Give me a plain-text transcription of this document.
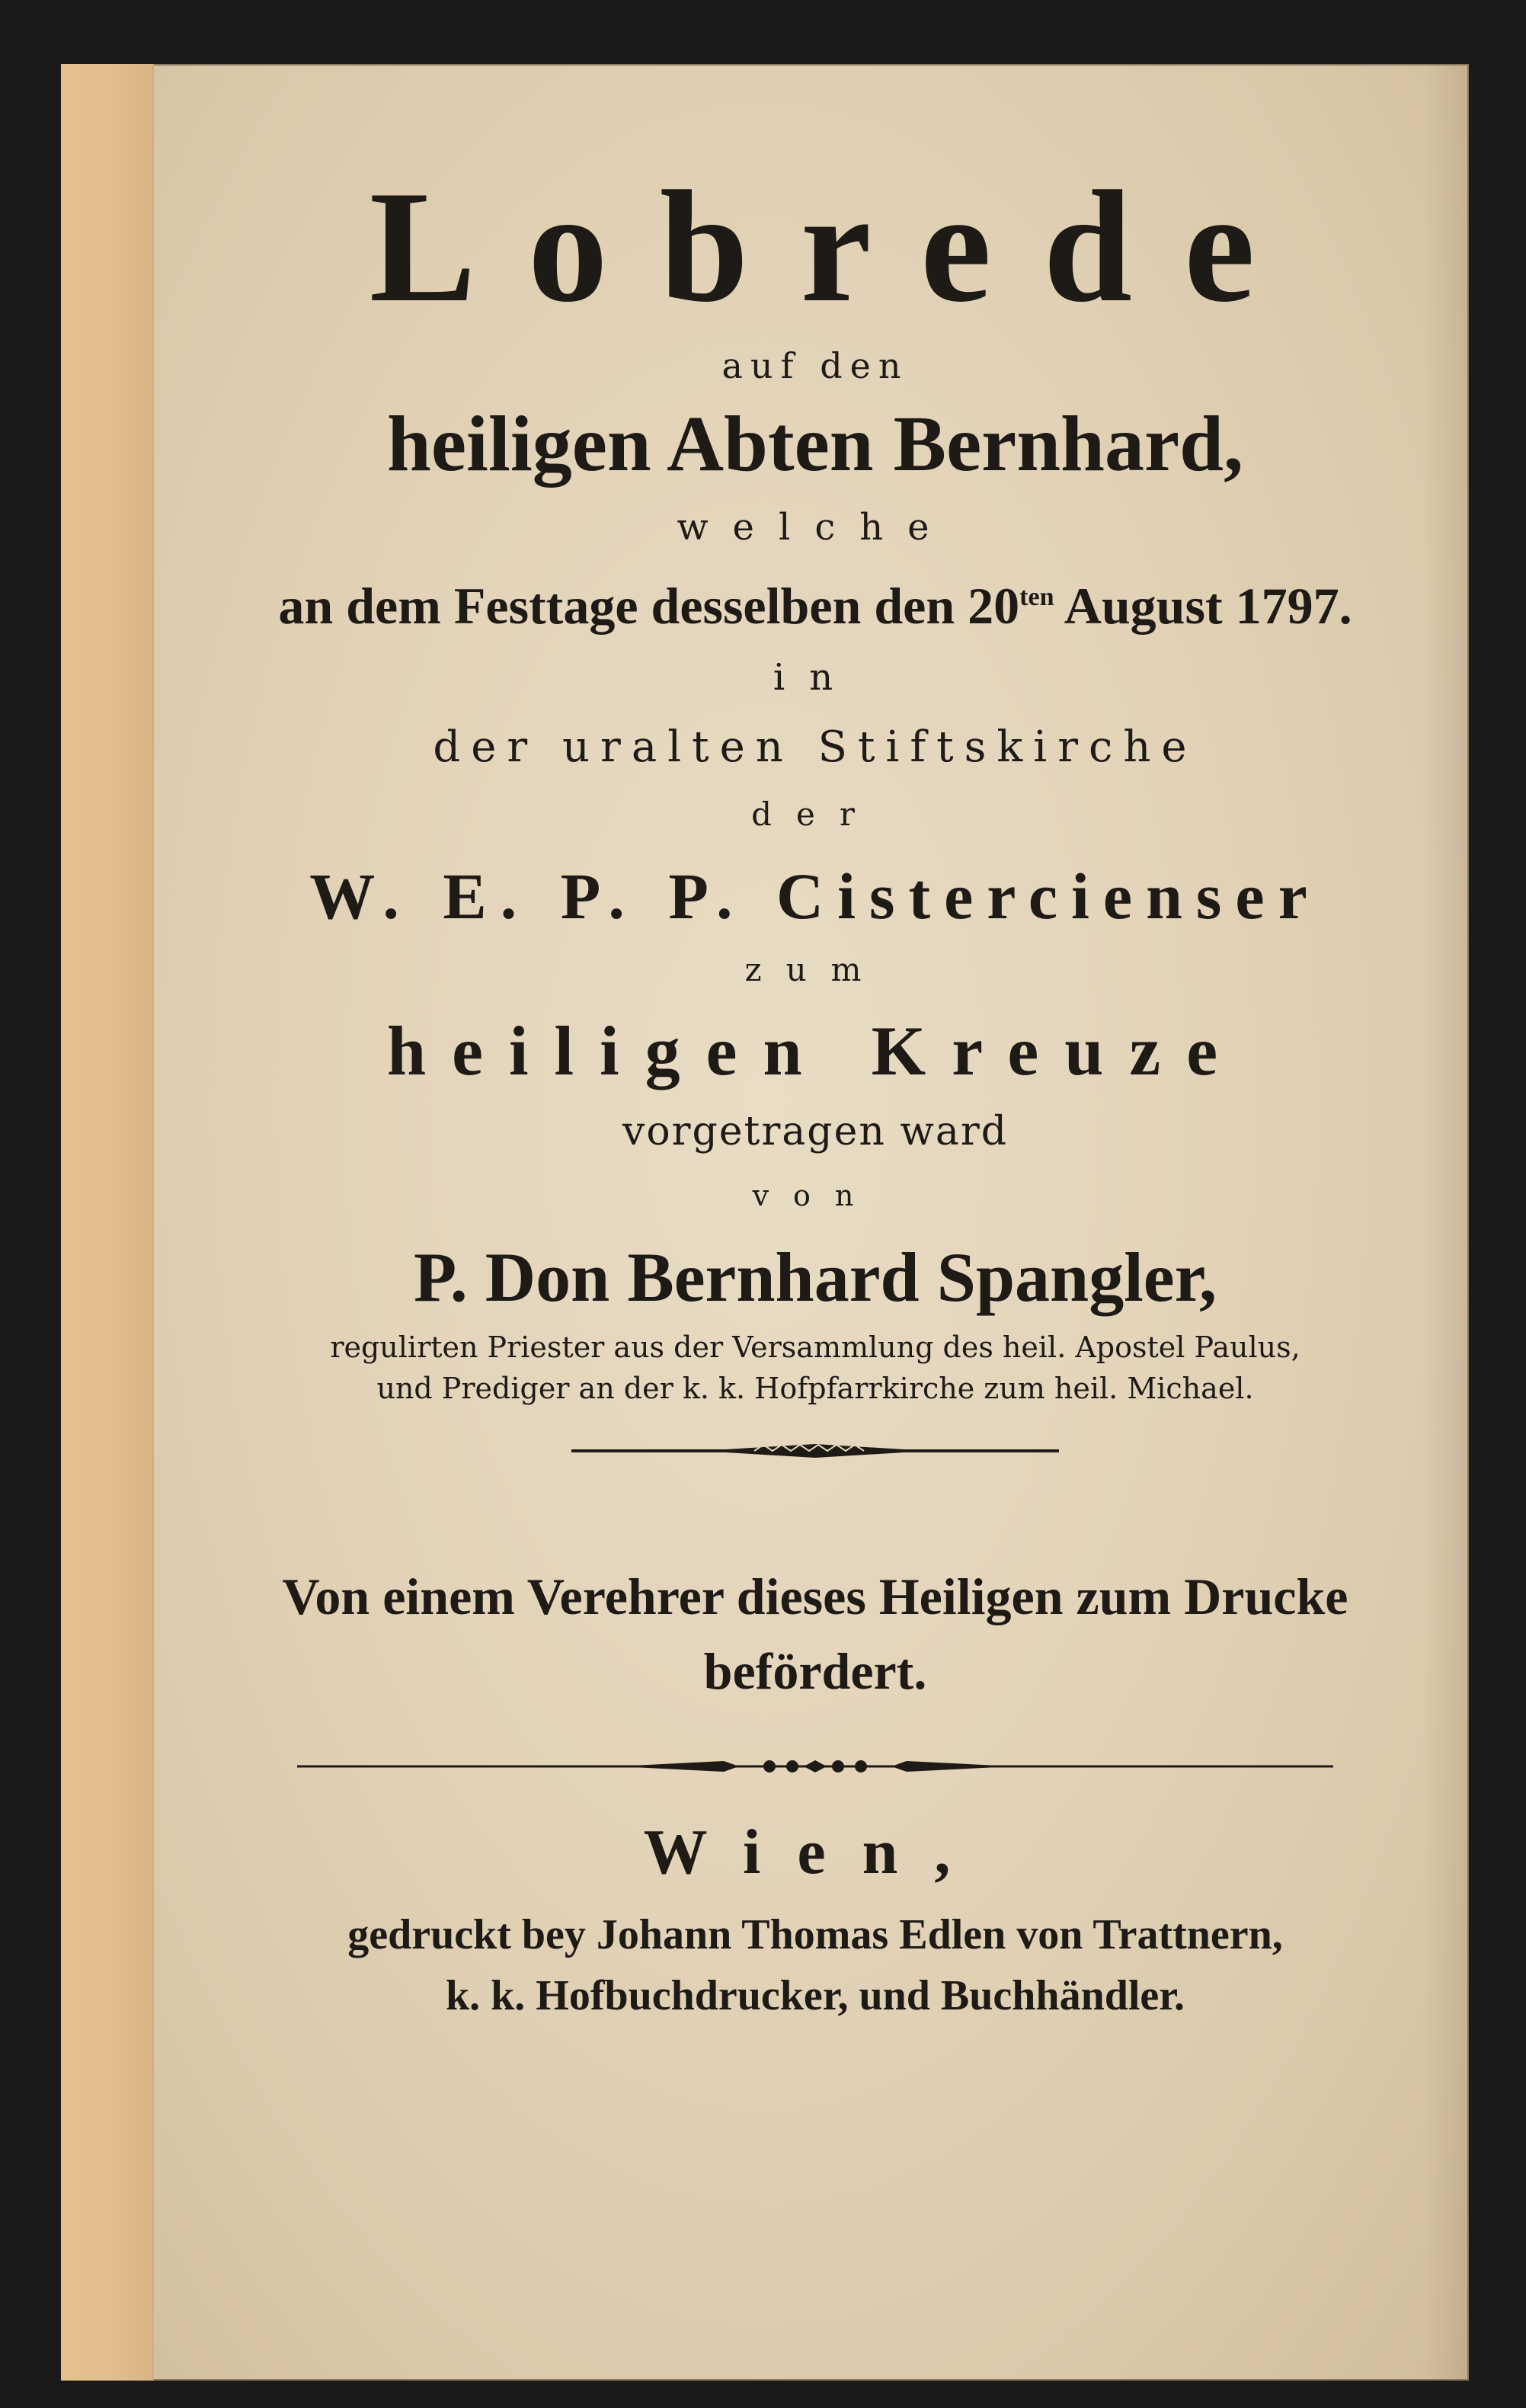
Lobrede
auf den
heiligen Abten Bernhard,
welche
an dem Festtage desselben den $20^{ten}$ August 1797.
in
der uralten Stiftskirche
der
W. E. P. P. Cistercienser
zum
heiligen Kreuze
vorgetragen ward
von
P. Don Bernhard Spangler,
regulirten Priester aus der Versammlung des heil. Apostel Paulus,
und Prediger an der k. k. Hofpfarrkirche zum heil. Michael.
Von einem Verehrer dieses Heiligen zum Drucke
befördert.
Wien,
gedruckt bey Johann Thomas Edlen von Trattnern,
k. k. Hofbuchdrucker, und Buchhändler.
